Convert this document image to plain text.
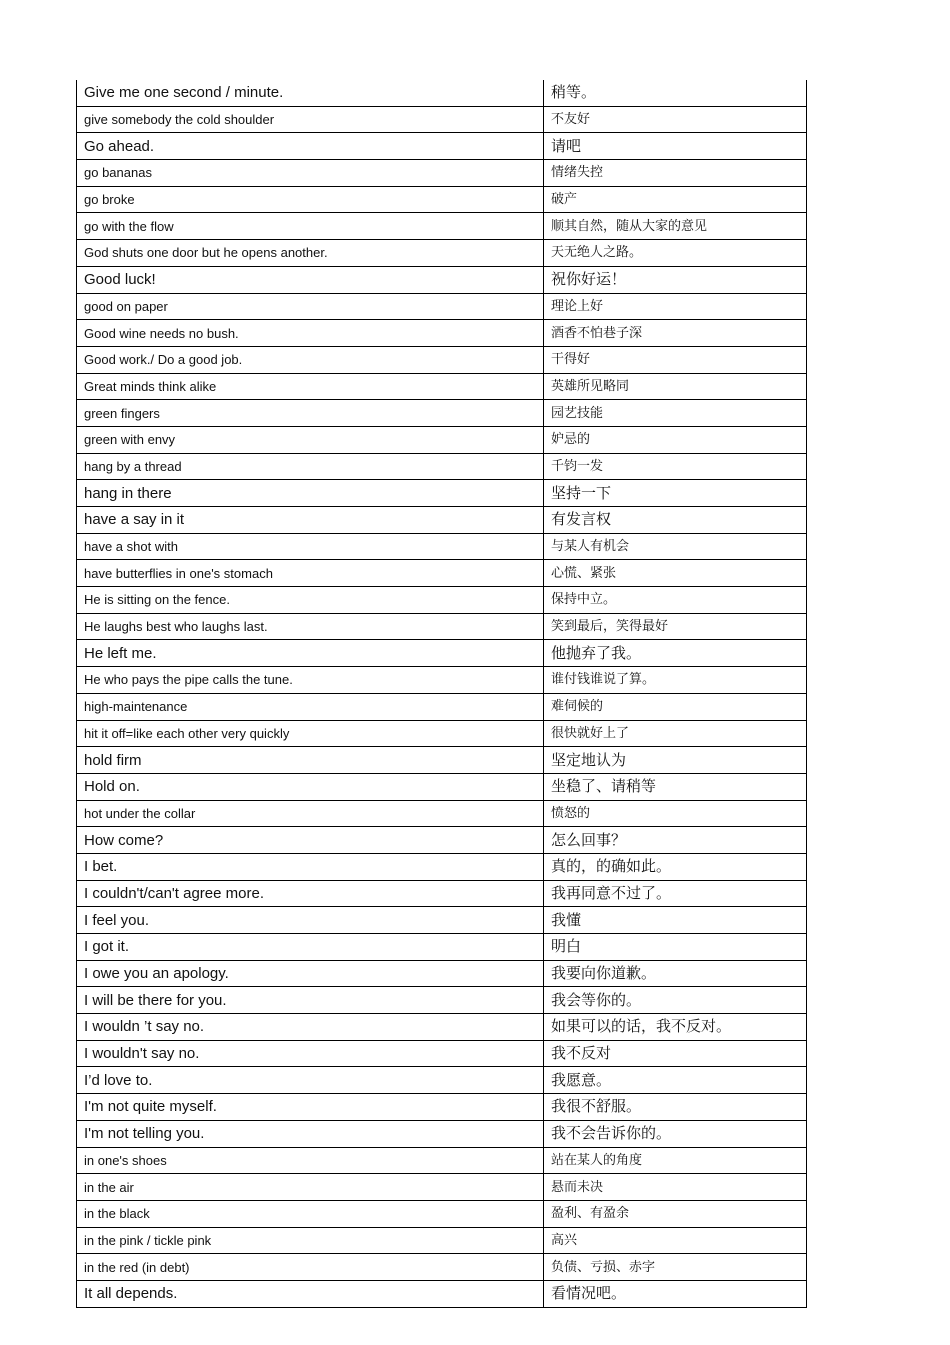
Give me one second / minute.	稍等。
give somebody the cold shoulder	不友好
Go ahead.	请吧
go bananas	情绪失控
go broke	破产
go with the flow	顺其自然，随从大家的意见
God shuts one door but he opens another.	天无绝人之路。
Good luck!	祝你好运！
good on paper	理论上好
Good wine needs no bush.	酒香不怕巷子深
Good work./ Do a good job.	干得好
Great minds think alike	英雄所见略同
green fingers	园艺技能
green with envy	妒忌的
hang by a thread	千钧一发
hang in there	坚持一下
have a say in it	有发言权
have a shot with	与某人有机会
have butterflies in one's stomach	心慌、紧张
He is sitting on the fence.	保持中立。
He laughs best who laughs last.	笑到最后，笑得最好
He left me.	他抛弃了我。
He who pays the pipe calls the tune.	谁付钱谁说了算。
high-maintenance	难伺候的
hit it off=like each other very quickly	很快就好上了
hold firm	坚定地认为
Hold on.	坐稳了、请稍等
hot under the collar	愤怒的
How come?	怎么回事？
I bet.	真的，的确如此。
I couldn't/can't agree more.	我再同意不过了。
I feel you.	我懂
I got it.	明白
I owe you an apology.	我要向你道歉。
I will be there for you.	我会等你的。
I wouldn ’t say no.	如果可以的话，我不反对。
I wouldn't say no.	我不反对
I’d love to.	我愿意。
I'm not quite myself.	我很不舒服。
I'm not telling you.	我不会告诉你的。
in one's shoes	站在某人的角度
in the air	悬而未决
in the black	盈利、有盈余
in the pink / tickle pink	高兴
in the red (in debt)	负债、亏损、赤字
It all depends.	看情况吧。
